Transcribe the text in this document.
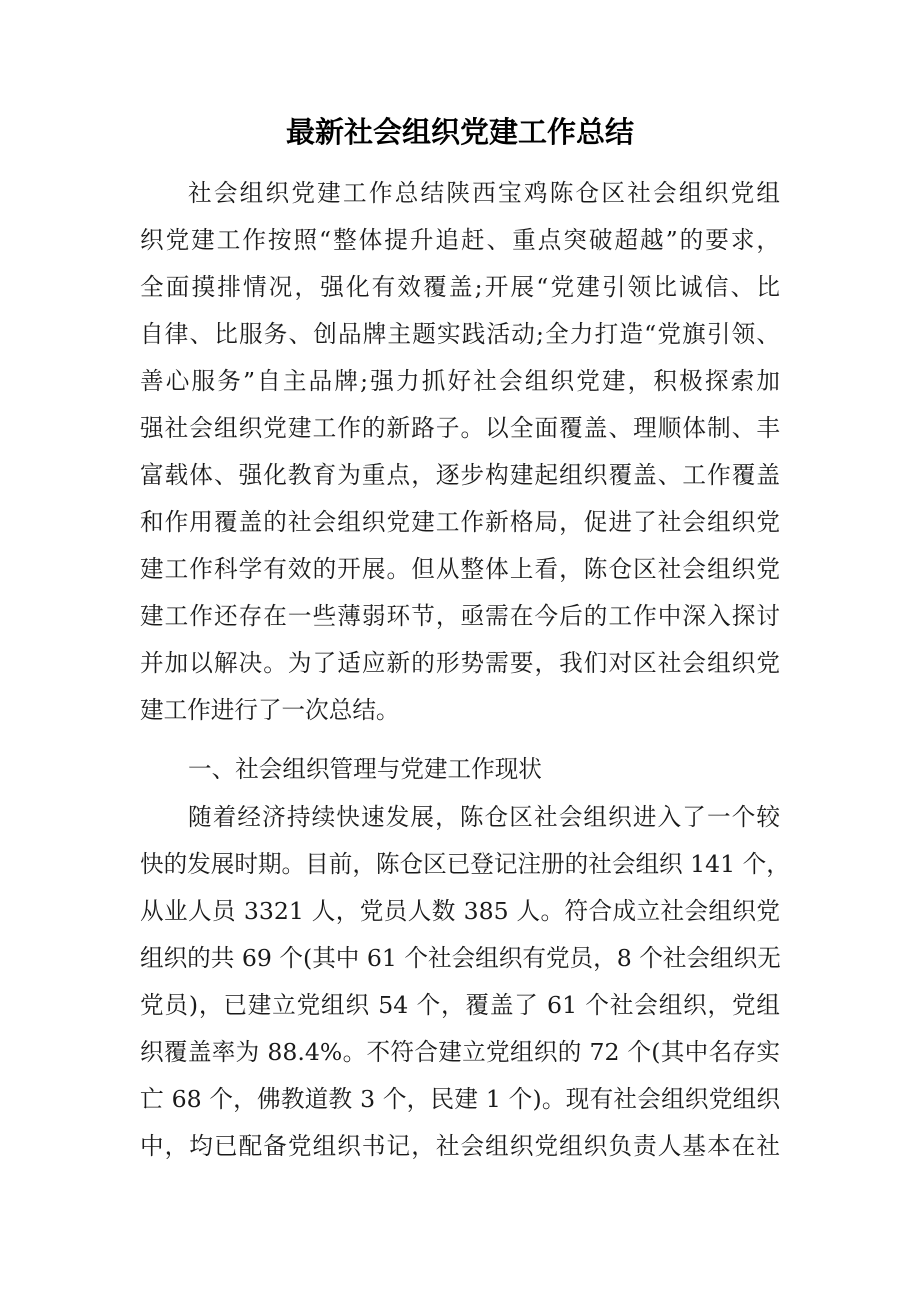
最新社会组织党建工作总结
社会组织党建工作总结陕西宝鸡陈仓区社会组织党组
织党建工作按照“整体提升追赶、重点突破超越”的要求，
全面摸排情况，强化有效覆盖;开展“党建引领比诚信、比
自律、比服务、创品牌主题实践活动;全力打造“党旗引领、
善心服务”自主品牌;强力抓好社会组织党建，积极探索加
强社会组织党建工作的新路子。以全面覆盖、理顺体制、丰
富载体、强化教育为重点，逐步构建起组织覆盖、工作覆盖
和作用覆盖的社会组织党建工作新格局，促进了社会组织党
建工作科学有效的开展。但从整体上看，陈仓区社会组织党
建工作还存在一些薄弱环节，亟需在今后的工作中深入探讨
并加以解决。为了适应新的形势需要，我们对区社会组织党
建工作进行了一次总结。
一、社会组织管理与党建工作现状
随着经济持续快速发展，陈仓区社会组织进入了一个较
快的发展时期。目前，陈仓区已登记注册的社会组织 141 个，
从业人员 3321 人，党员人数 385 人。符合成立社会组织党
组织的共 69 个(其中 61 个社会组织有党员，8 个社会组织无
党员)，已建立党组织 54 个，覆盖了 61 个社会组织，党组
织覆盖率为 88.4%。不符合建立党组织的 72 个(其中名存实
亡 68 个，佛教道教 3 个，民建 1 个)。现有社会组织党组织
中，均已配备党组织书记，社会组织党组织负责人基本在社
